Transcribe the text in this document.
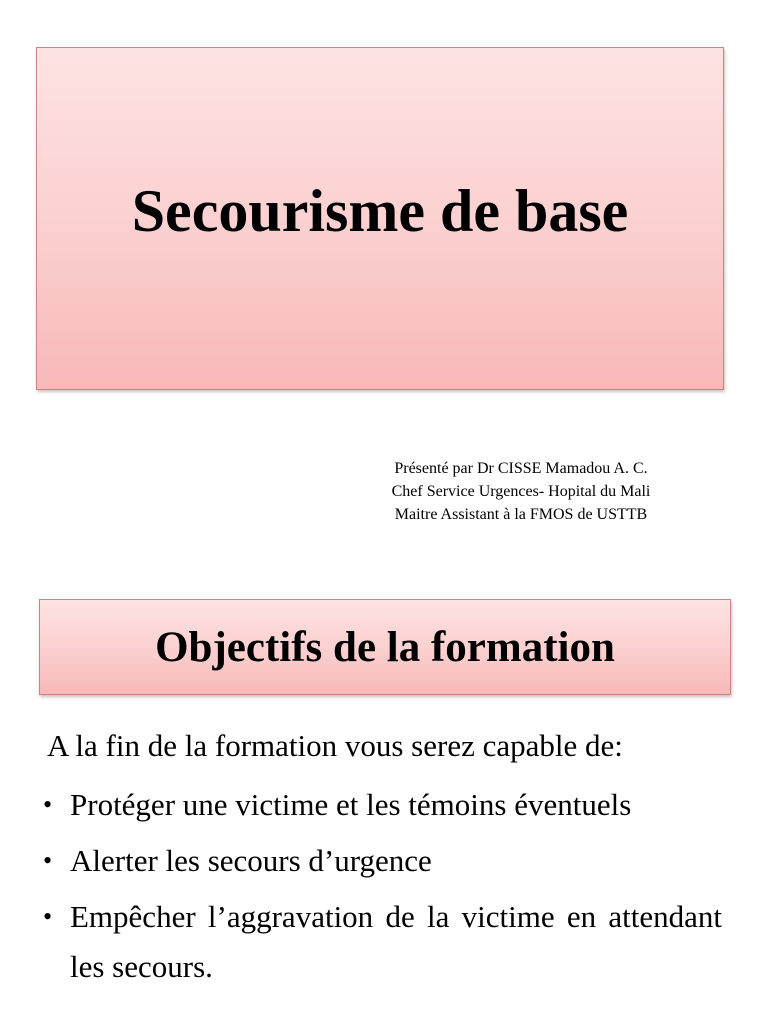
Secourisme de base
Présenté par Dr CISSE Mamadou A. C.
Chef Service Urgences- Hopital du Mali
Maitre Assistant à la FMOS de USTTB
Objectifs de la formation
A la fin de la formation vous serez capable de:
• Protéger une victime et les témoins éventuels
• Alerter les secours d’urgence
• Empêcher l’aggravation de la victime en attendant les secours.
